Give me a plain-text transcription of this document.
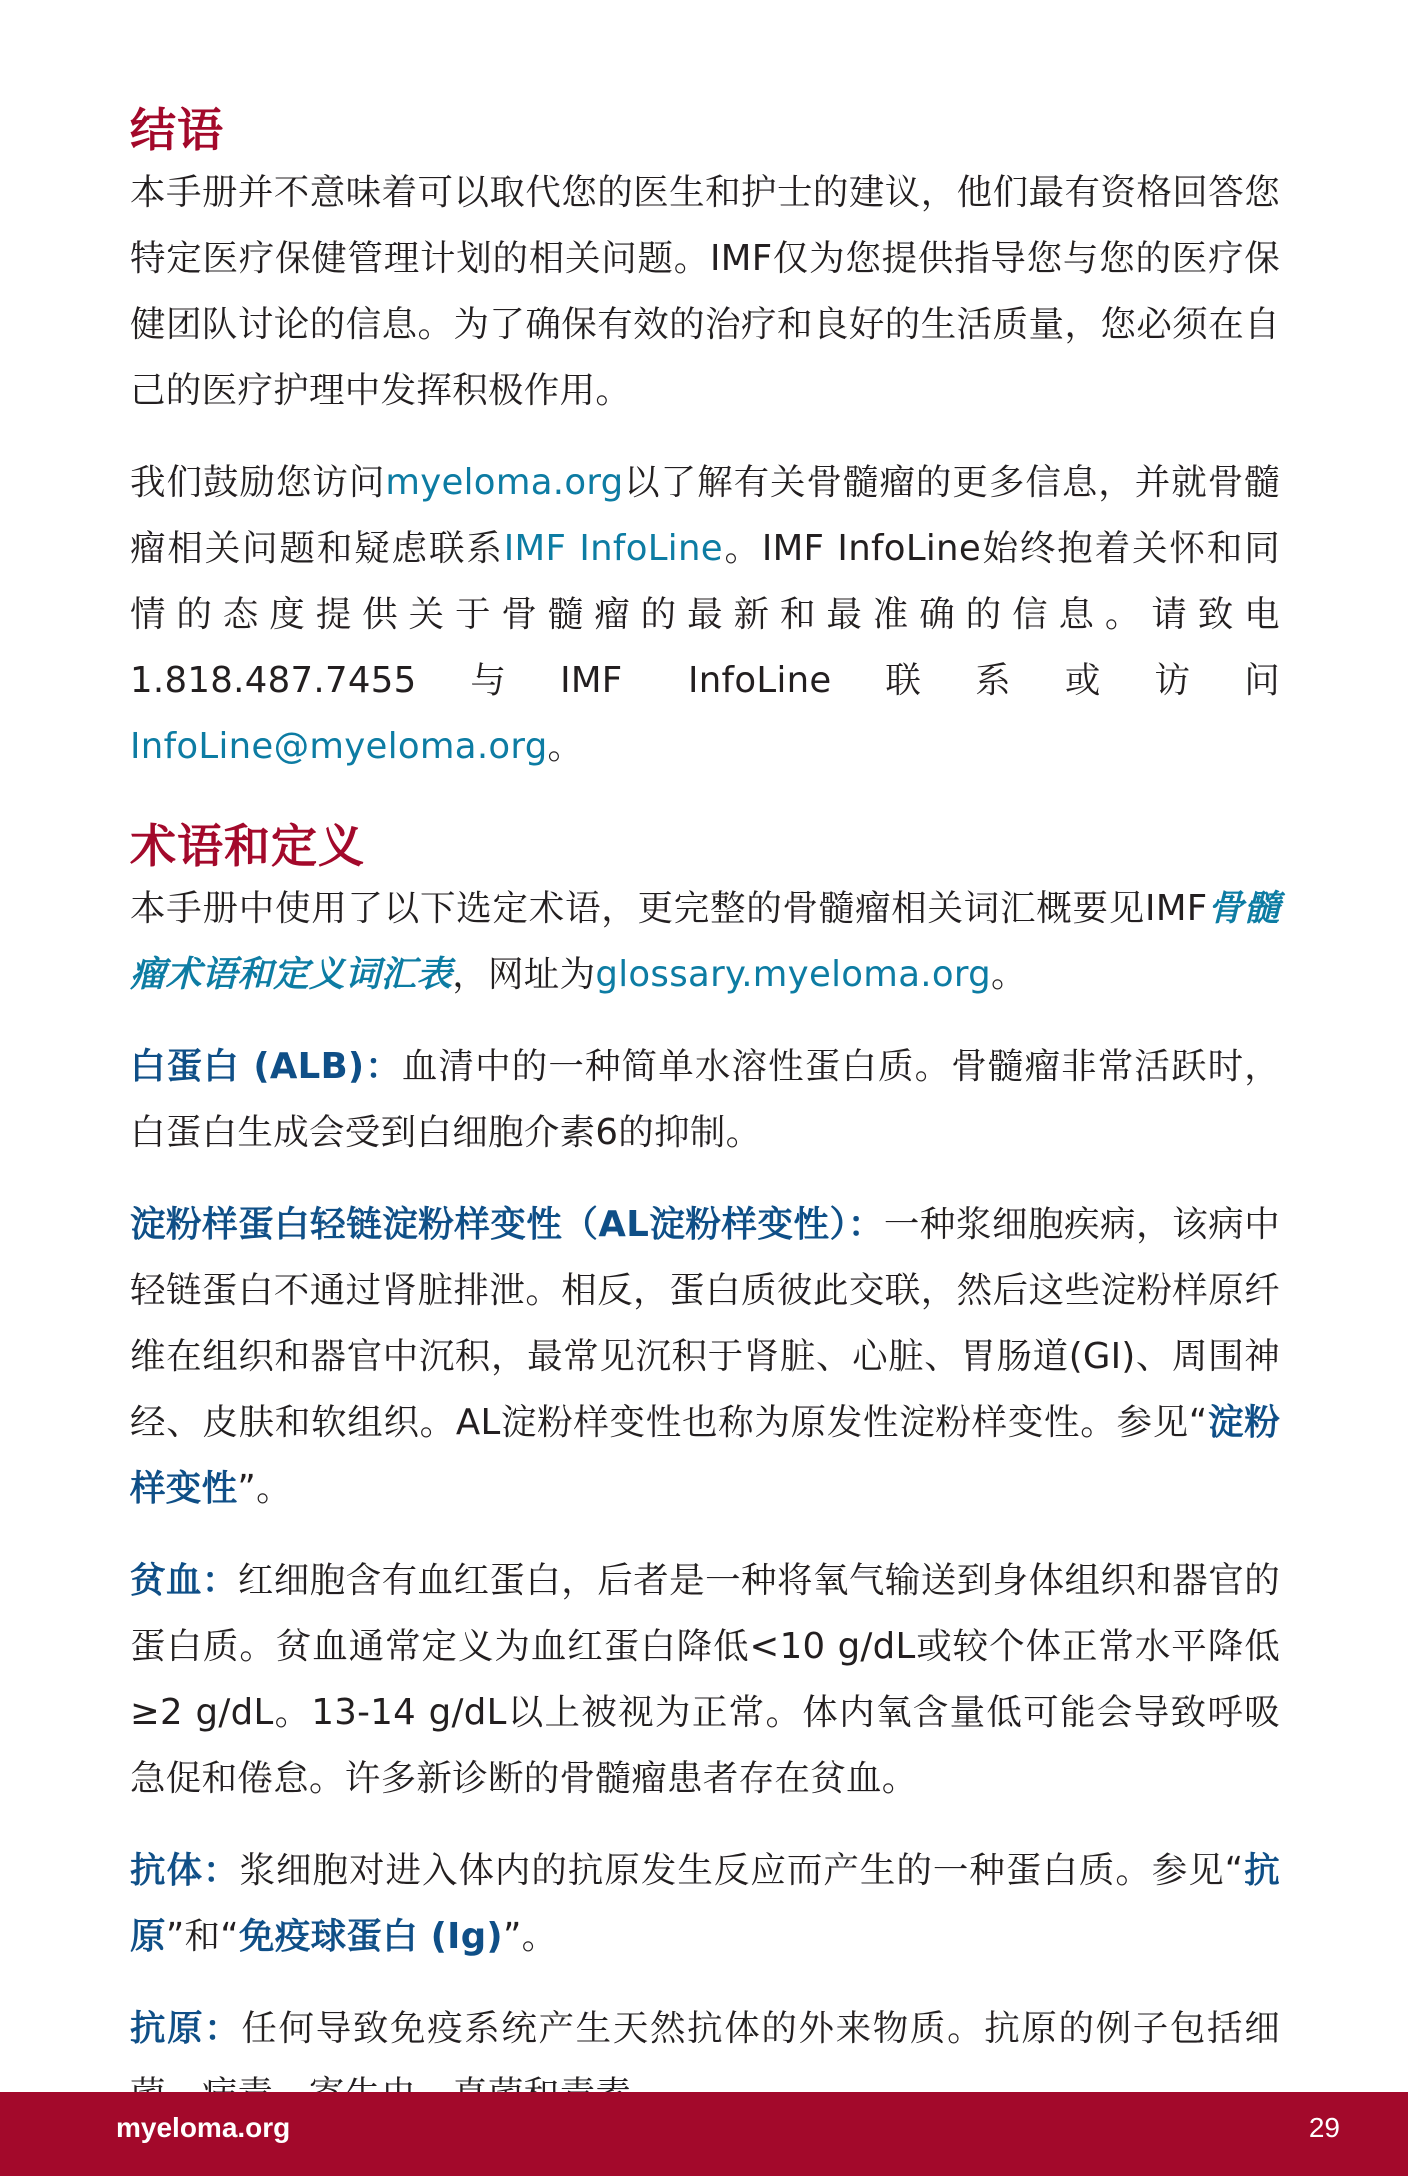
结语

本手册并不意味着可以取代您的医生和护士的建议，他们最有资格回答您特定医疗保健管理计划的相关问题。IMF仅为您提供指导您与您的医疗保健团队讨论的信息。为了确保有效的治疗和良好的生活质量，您必须在自己的医疗护理中发挥积极作用。

我们鼓励您访问myeloma.org以了解有关骨髓瘤的更多信息，并就骨髓瘤相关问题和疑虑联系IMF InfoLine。IMF InfoLine始终抱着关怀和同情的态度提供关于骨髓瘤的最新和最准确的信息。请致电1.818.487.7455与IMF InfoLine联系或访问InfoLine@myeloma.org。

术语和定义

本手册中使用了以下选定术语，更完整的骨髓瘤相关词汇概要见IMF骨髓瘤术语和定义词汇表，网址为glossary.myeloma.org。

白蛋白 (ALB)：血清中的一种简单水溶性蛋白质。骨髓瘤非常活跃时，白蛋白生成会受到白细胞介素6的抑制。

淀粉样蛋白轻链淀粉样变性（AL淀粉样变性）：一种浆细胞疾病，该病中轻链蛋白不通过肾脏排泄。相反，蛋白质彼此交联，然后这些淀粉样原纤维在组织和器官中沉积，最常见沉积于肾脏、心脏、胃肠道(GI)、周围神经、皮肤和软组织。AL淀粉样变性也称为原发性淀粉样变性。参见“淀粉样变性”。

贫血：红细胞含有血红蛋白，后者是一种将氧气输送到身体组织和器官的蛋白质。贫血通常定义为血红蛋白降低<10 g/dL或较个体正常水平降低≥2 g/dL。13-14 g/dL以上被视为正常。体内氧含量低可能会导致呼吸急促和倦怠。许多新诊断的骨髓瘤患者存在贫血。

抗体：浆细胞对进入体内的抗原发生反应而产生的一种蛋白质。参见“抗原”和“免疫球蛋白 (Ig)”。

抗原：任何导致免疫系统产生天然抗体的外来物质。抗原的例子包括细

myeloma.org	29
